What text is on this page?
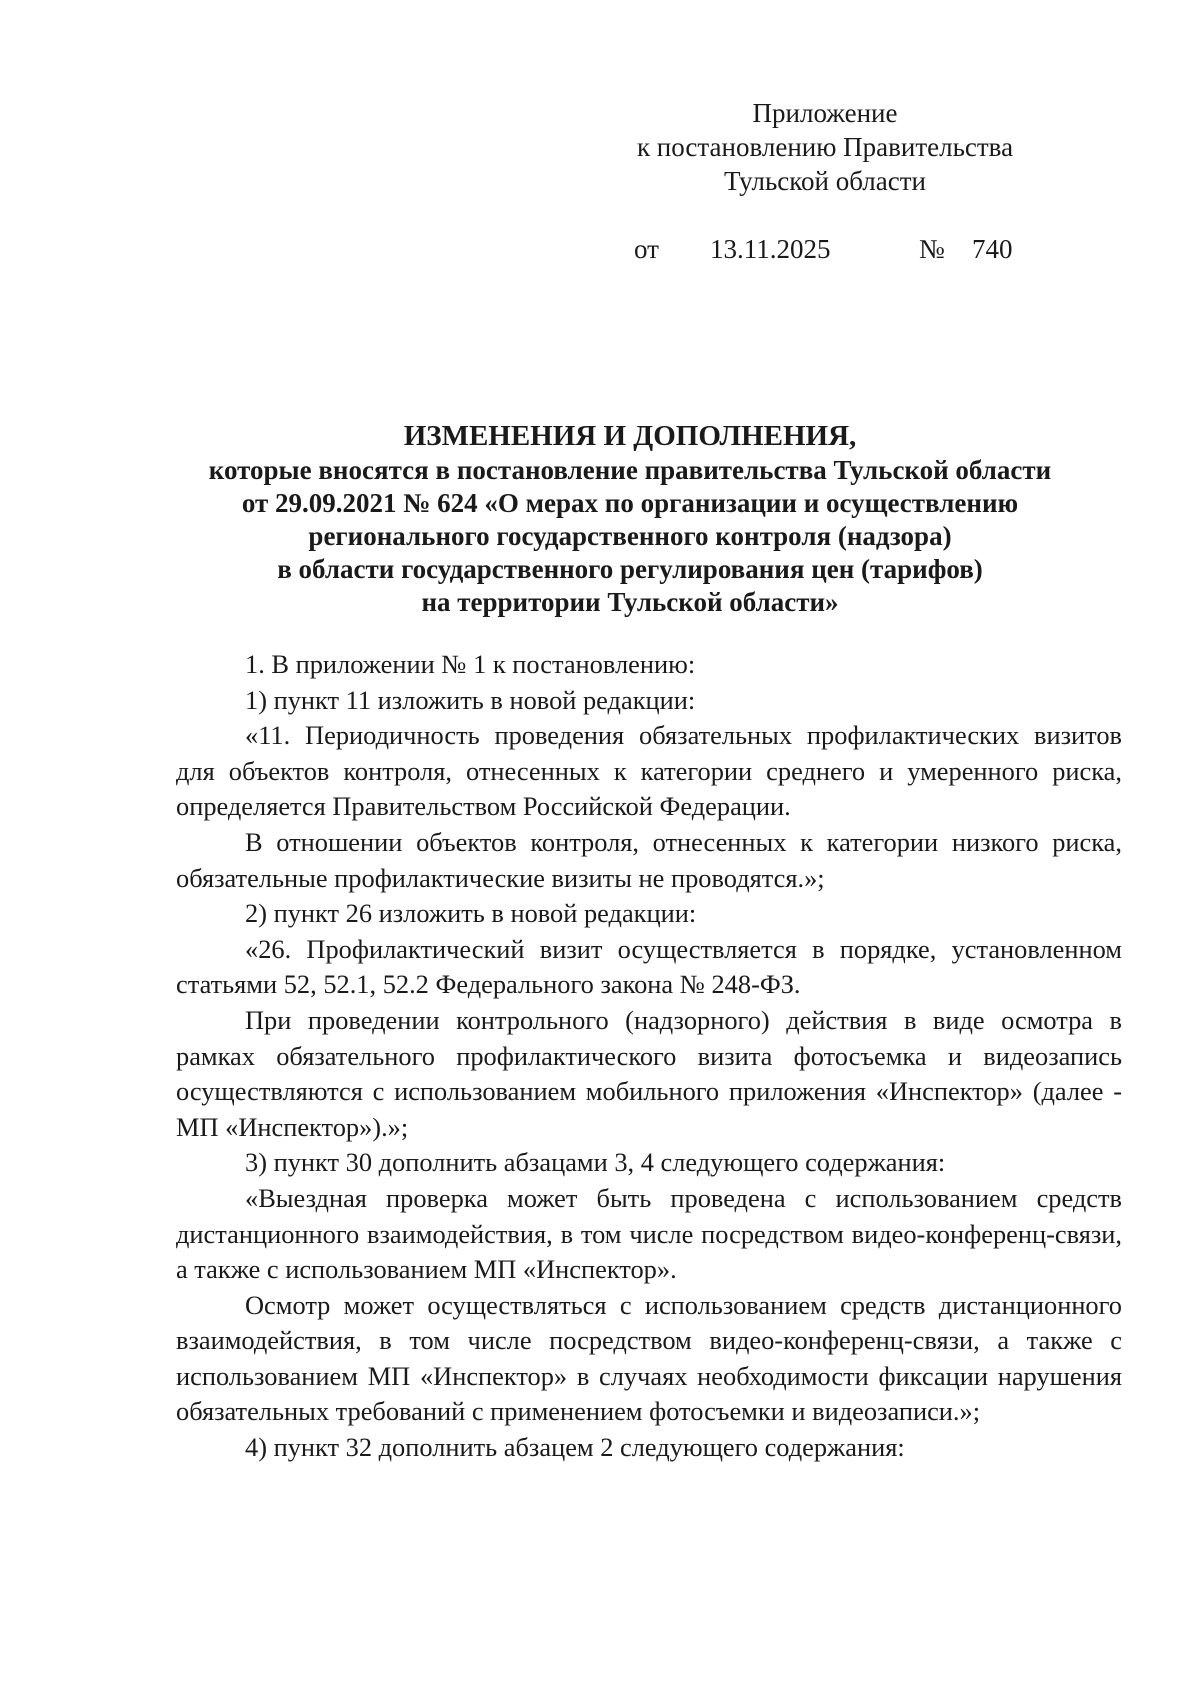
Приложение
к постановлению Правительства
Тульской области
от 13.11.2025	№ 740
ИЗМЕНЕНИЯ И ДОПОЛНЕНИЯ,
которые вносятся в постановление правительства Тульской области
от 29.09.2021 № 624 «О мерах по организации и осуществлению
регионального государственного контроля (надзора)
в области государственного регулирования цен (тарифов)
на территории Тульской области»

1. В приложении № 1 к постановлению:

1) пункт 11 изложить в новой редакции:

«11. Периодичность проведения обязательных профилактических визитов для объектов контроля, отнесенных к категории среднего и умеренного риска, определяется Правительством Российской Федерации.

В отношении объектов контроля, отнесенных к категории низкого риска, обязательные профилактические визиты не проводятся.»;

2) пункт 26 изложить в новой редакции:

«26. Профилактический визит осуществляется в порядке, установленном статьями 52, 52.1, 52.2 Федерального закона № 248-ФЗ.

При проведении контрольного (надзорного) действия в виде осмотра в рамках обязательного профилактического визита фотосъемка и видеозапись осуществляются с использованием мобильного приложения «Инспектор» (далее - МП «Инспектор»).»;

3) пункт 30 дополнить абзацами 3, 4 следующего содержания:

«Выездная проверка может быть проведена с использованием средств дистанционного взаимодействия, в том числе посредством видео-конференц-связи, а также с использованием МП «Инспектор».

Осмотр может осуществляться с использованием средств дистанционного взаимодействия, в том числе посредством видео-конференц-связи, а также с использованием МП «Инспектор» в случаях необходимости фиксации нарушения обязательных требований с применением фотосъемки и видеозаписи.»;

4) пункт 32 дополнить абзацем 2 следующего содержания:
